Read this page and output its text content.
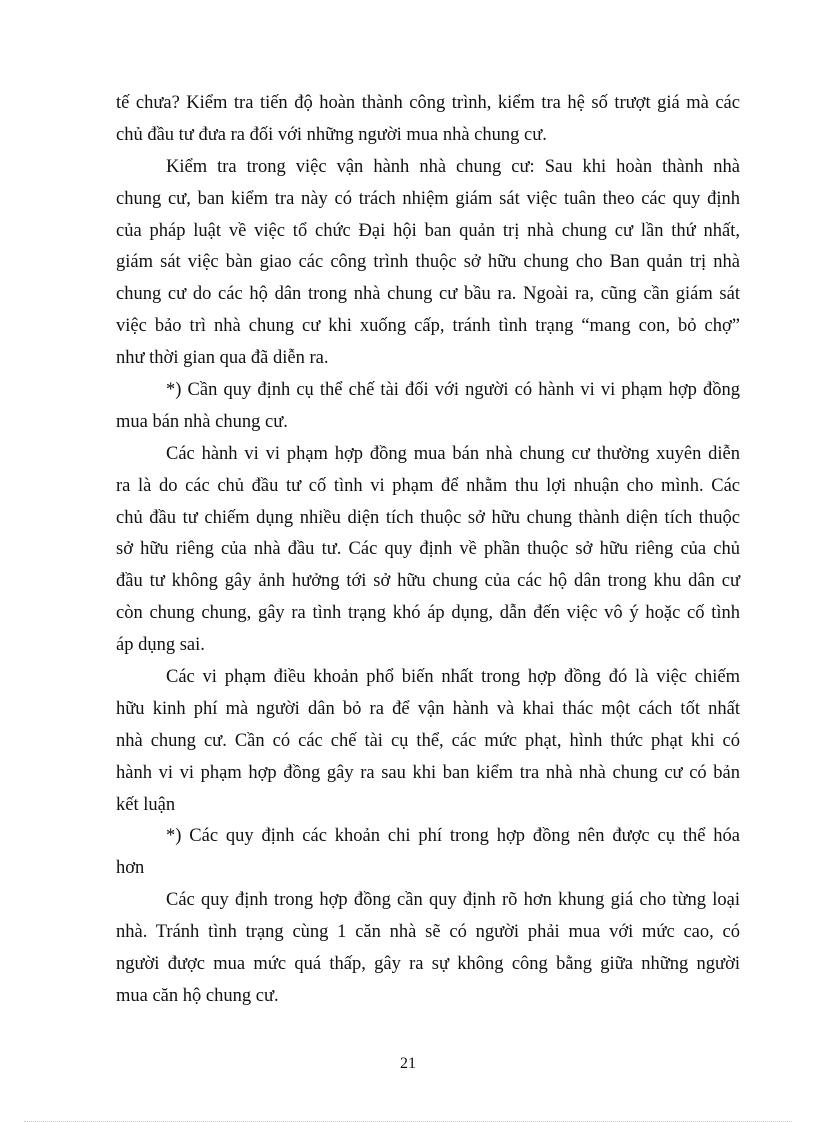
tế chưa? Kiểm tra tiến độ hoàn thành công trình, kiểm tra hệ số trượt giá mà các
chủ đầu tư đưa ra đối với những người mua nhà chung cư.
Kiểm tra trong việc vận hành nhà chung cư: Sau khi hoàn thành nhà
chung cư, ban kiểm tra này có trách nhiệm giám sát việc tuân theo các quy định
của pháp luật về việc tổ chức Đại hội ban quản trị nhà chung cư lần thứ nhất,
giám sát việc bàn giao các công trình thuộc sở hữu chung cho Ban quản trị nhà
chung cư do các hộ dân trong nhà chung cư bầu ra. Ngoài ra, cũng cần giám sát
việc bảo trì nhà chung cư khi xuống cấp, tránh tình trạng “mang con, bỏ chợ”
như thời gian qua đã diễn ra.
*) Cần quy định cụ thể chế tài đối với người có hành vi vi phạm hợp đồng
mua bán nhà chung cư.
Các hành vi vi phạm hợp đồng mua bán nhà chung cư thường xuyên diễn
ra là do các chủ đầu tư cố tình vi phạm để nhằm thu lợi nhuận cho mình. Các
chủ đầu tư chiếm dụng nhiều diện tích thuộc sở hữu chung thành diện tích thuộc
sở hữu riêng của nhà đầu tư. Các quy định về phần thuộc sở hữu riêng của chủ
đầu tư không gây ảnh hưởng tới sở hữu chung của các hộ dân trong khu dân cư
còn chung chung, gây ra tình trạng khó áp dụng, dẫn đến việc vô ý hoặc cố tình
áp dụng sai.
Các vi phạm điều khoản phổ biến nhất trong hợp đồng đó là việc chiếm
hữu kinh phí mà người dân bỏ ra để vận hành và khai thác một cách tốt nhất
nhà chung cư. Cần có các chế tài cụ thể, các mức phạt, hình thức phạt khi có
hành vi vi phạm hợp đồng gây ra sau khi ban kiểm tra nhà nhà chung cư có bản
kết luận
*) Các quy định các khoản chi phí trong hợp đồng nên được cụ thể hóa
hơn
Các quy định trong hợp đồng cần quy định rõ hơn khung giá cho từng loại
nhà. Tránh tình trạng cùng 1 căn nhà sẽ có người phải mua với mức cao, có
người được mua mức quá thấp, gây ra sự không công bằng giữa những người
mua căn hộ chung cư.
21
